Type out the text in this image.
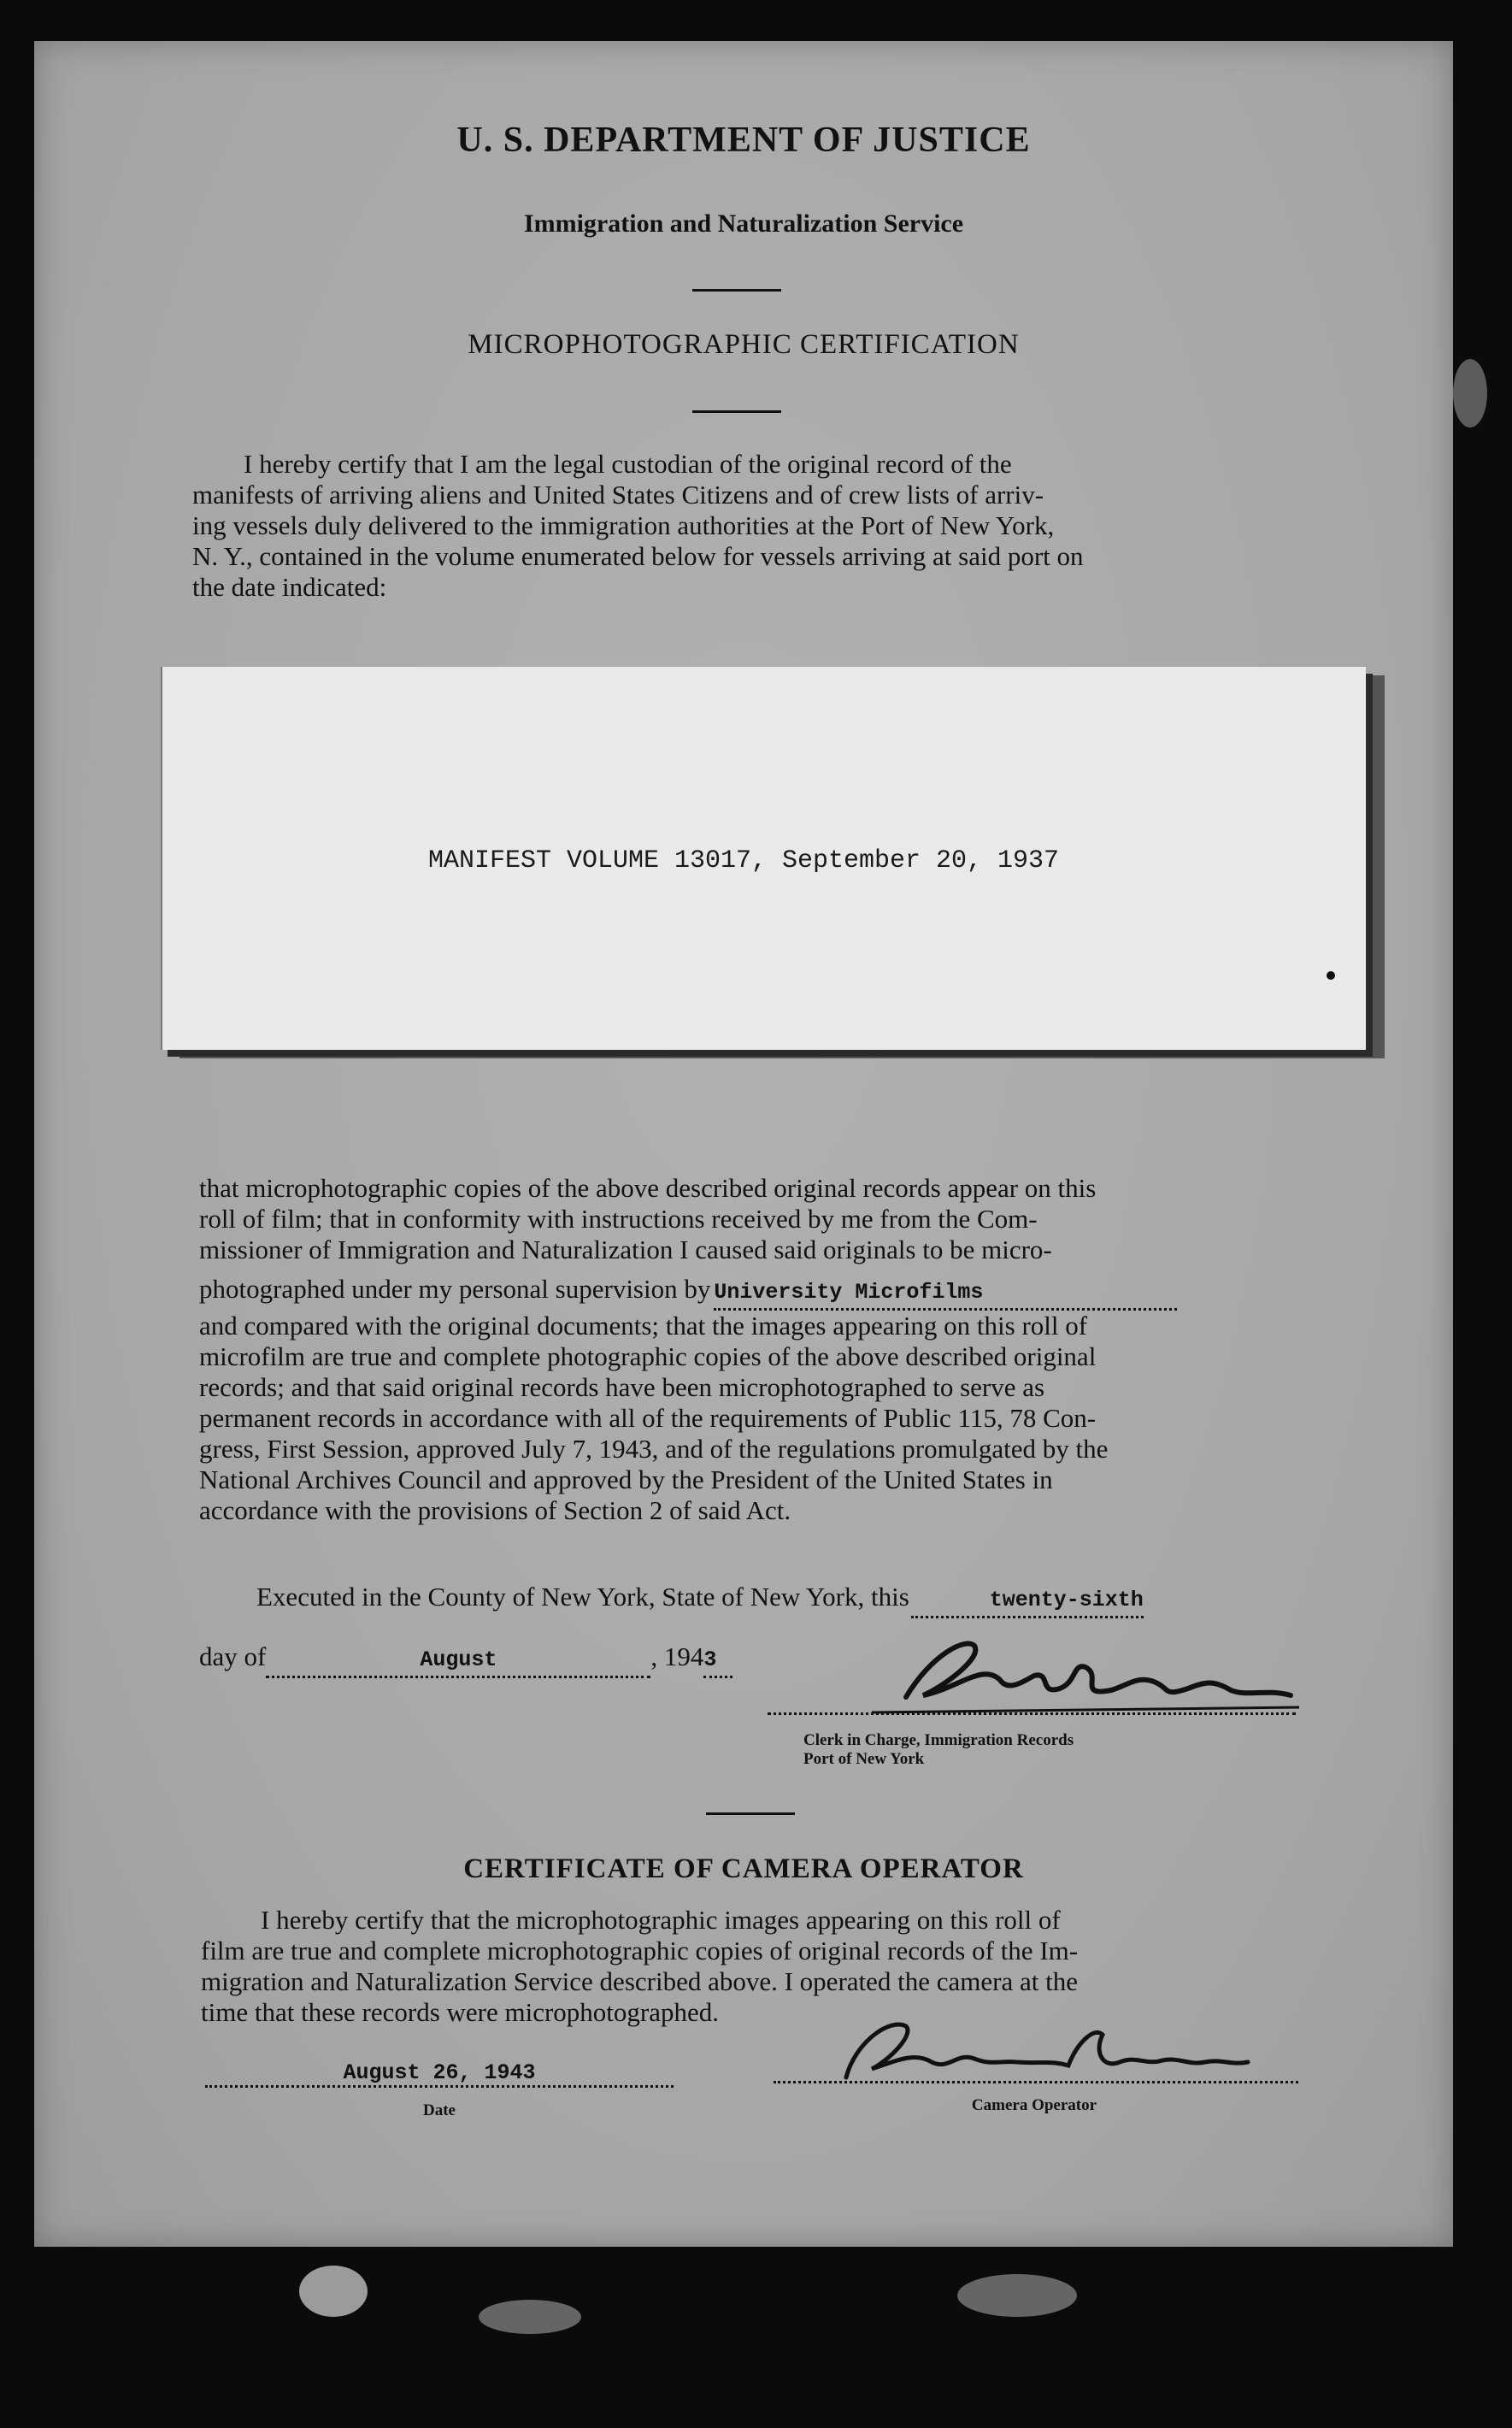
U. S. DEPARTMENT OF JUSTICE
Immigration and Naturalization Service
MICROPHOTOGRAPHIC CERTIFICATION
I hereby certify that I am the legal custodian of the original record of the
manifests of arriving aliens and United States Citizens and of crew lists of arriv-
ing vessels duly delivered to the immigration authorities at the Port of New York,
N. Y., contained in the volume enumerated below for vessels arriving at said port on
the date indicated:
MANIFEST VOLUME 13017, September 20, 1937
that microphotographic copies of the above described original records appear on this
roll of film; that in conformity with instructions received by me from the Com-
missioner of Immigration and Naturalization I caused said originals to be micro-
photographed under my personal supervision by University Microfilms
and compared with the original documents; that the images appearing on this roll of
microfilm are true and complete photographic copies of the above described original
records; and that said original records have been microphotographed to serve as
permanent records in accordance with all of the requirements of Public 115, 78 Con-
gress, First Session, approved July 7, 1943, and of the regulations promulgated by the
National Archives Council and approved by the President of the United States in
accordance with the provisions of Section 2 of said Act.
Executed in the County of New York, State of New York, this	twenty-sixth
day of	August	, 1943
Clerk in Charge, Immigration Records
Port of New York
CERTIFICATE OF CAMERA OPERATOR
I hereby certify that the microphotographic images appearing on this roll of
film are true and complete microphotographic copies of original records of the Im-
migration and Naturalization Service described above. I operated the camera at the
time that these records were microphotographed.
August 26, 1943
Date	Camera Operator
